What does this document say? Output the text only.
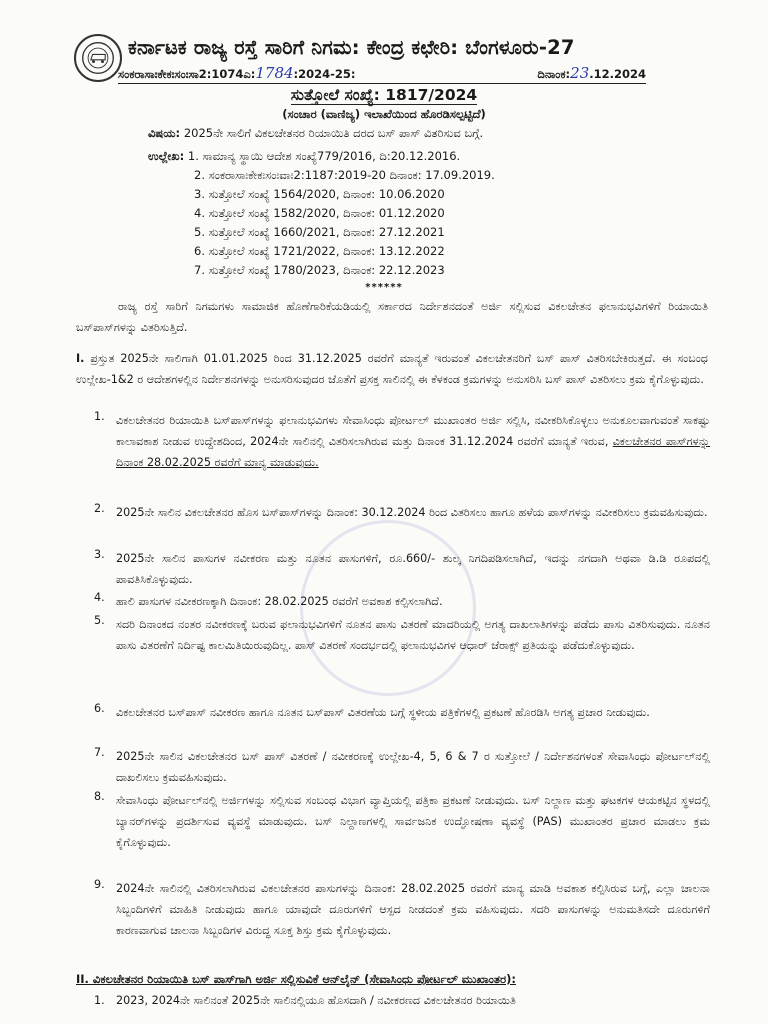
ಕರ್ನಾಟಕ ರಾಜ್ಯ ರಸ್ತೆ ಸಾರಿಗೆ ನಿಗಮ: ಕೇಂದ್ರ ಕಛೇರಿ: ಬೆಂಗಳೂರು-27
ಸಂಕರಾಸಾಃಕೇಕಃಸಂಃಸಾ2:1074ಎ:1784:2024-25:	ದಿನಾಂಕ:23.12.2024
ಸುತ್ತೋಲೆ ಸಂಖ್ಯೆ: 1817/2024
(ಸಂಚಾರ (ವಾಣಿಜ್ಯ) ಇಲಾಖೆಯಿಂದ ಹೊರಡಿಸಲ್ಪಟ್ಟಿದೆ)
ವಿಷಯ: 2025ನೇ ಸಾಲಿಗೆ ವಿಕಲಚೇತನರ ರಿಯಾಯಿತಿ ದರದ ಬಸ್ ಪಾಸ್ ವಿತರಿಸುವ ಬಗ್ಗೆ.
ಉಲ್ಲೇಖ: 1. ಸಾಮಾನ್ಯ ಸ್ಥಾಯಿ ಆದೇಶ ಸಂಖ್ಯೆ779/2016, ದಿ:20.12.2016.
2. ಸಂಕರಾಸಾಃಕೇಕಃಸಂಃವಾಃ2:1187:2019-20 ದಿನಾಂಕ: 17.09.2019.
3. ಸುತ್ತೋಲೆ ಸಂಖ್ಯೆ 1564/2020, ದಿನಾಂಕ: 10.06.2020
4. ಸುತ್ತೋಲೆ ಸಂಖ್ಯೆ 1582/2020, ದಿನಾಂಕ: 01.12.2020
5. ಸುತ್ತೋಲೆ ಸಂಖ್ಯೆ 1660/2021, ದಿನಾಂಕ: 27.12.2021
6. ಸುತ್ತೋಲೆ ಸಂಖ್ಯೆ 1721/2022, ದಿನಾಂಕ: 13.12.2022
7. ಸುತ್ತೋಲೆ ಸಂಖ್ಯೆ 1780/2023, ದಿನಾಂಕ: 22.12.2023
******
ರಾಜ್ಯ ರಸ್ತೆ ಸಾರಿಗೆ ನಿಗಮಗಳು ಸಾಮಾಜಿಕ ಹೊಣೆಗಾರಿಕೆಯಡಿಯಲ್ಲಿ ಸರ್ಕಾರದ ನಿರ್ದೇಶನದಂತೆ ಅರ್ಜಿ ಸಲ್ಲಿಸುವ ವಿಕಲಚೇತನ ಫಲಾನುಭವಿಗಳಿಗೆ ರಿಯಾಯಿತಿ ಬಸ್‌ಪಾಸ್‌ಗಳನ್ನು ವಿತರಿಸುತ್ತಿದೆ.
I. ಪ್ರಸ್ತುತ 2025ನೇ ಸಾಲಿಗಾಗಿ 01.01.2025 ರಿಂದ 31.12.2025 ರವರೆಗೆ ಮಾನ್ಯತೆ ಇರುವಂತೆ ವಿಕಲಚೇತನರಿಗೆ ಬಸ್ ಪಾಸ್ ವಿತರಿಸಬೇಕಿರುತ್ತದೆ. ಈ ಸಂಬಂಧ ಉಲ್ಲೇಖ-1&2 ರ ಆದೇಶಗಳಲ್ಲಿನ ನಿರ್ದೇಶನಗಳನ್ನು ಅನುಸರಿಸುವುದರ ಜೊತೆಗೆ ಪ್ರಸಕ್ತ ಸಾಲಿನಲ್ಲಿ ಈ ಕೆಳಕಂಡ ಕ್ರಮಗಳನ್ನು ಅನುಸರಿಸಿ ಬಸ್ ಪಾಸ್ ವಿತರಿಸಲು ಕ್ರಮ ಕೈಗೊಳ್ಳುವುದು.
1.	ವಿಕಲಚೇತನರ ರಿಯಾಯಿತಿ ಬಸ್‌ಪಾಸ್‌ಗಳನ್ನು ಫಲಾನುಭವಿಗಳು ಸೇವಾಸಿಂಧು ಪೋರ್ಟಲ್ ಮುಖಾಂತರ ಅರ್ಜಿ ಸಲ್ಲಿಸಿ, ನವೀಕರಿಸಿಕೊಳ್ಳಲು ಅನುಕೂಲವಾಗುವಂತೆ ಸಾಕಷ್ಟು ಕಾಲಾವಕಾಶ ನೀಡುವ ಉದ್ದೇಶದಿಂದ, 2024ನೇ ಸಾಲಿನಲ್ಲಿ ವಿತರಿಸಲಾಗಿರುವ ಮತ್ತು ದಿನಾಂಕ 31.12.2024 ರವರೆಗೆ ಮಾನ್ಯತೆ ಇರುವ, ವಿಕಲಚೇತನರ ಪಾಸ್‌ಗಳನ್ನು ದಿನಾಂಕ 28.02.2025 ರವರೆಗೆ ಮಾನ್ಯ ಮಾಡುವುದು.
2.	2025ನೇ ಸಾಲಿನ ವಿಕಲಚೇತನರ ಹೊಸ ಬಸ್‌ಪಾಸ್‌ಗಳನ್ನು ದಿನಾಂಕ: 30.12.2024 ರಿಂದ ವಿತರಿಸಲು ಹಾಗೂ ಹಳೆಯ ಪಾಸ್‌ಗಳನ್ನು ನವೀಕರಿಸಲು ಕ್ರಮವಹಿಸುವುದು.
3.	2025ನೇ ಸಾಲಿನ ಪಾಸುಗಳ ನವೀಕರಣ ಮತ್ತು ನೂತನ ಪಾಸುಗಳಿಗೆ, ರೂ.660/- ಶುಲ್ಕ ನಿಗದಿಪಡಿಸಲಾಗಿದೆ, ಇದನ್ನು ನಗದಾಗಿ ಅಥವಾ ಡಿ.ಡಿ ರೂಪದಲ್ಲಿ ಪಾವತಿಸಿಕೊಳ್ಳುವುದು.
4.	ಹಾಲಿ ಪಾಸುಗಳ ನವೀಕರಣಕ್ಕಾಗಿ ದಿನಾಂಕ: 28.02.2025 ರವರೆಗೆ ಅವಕಾಶ ಕಲ್ಪಿಸಲಾಗಿದೆ.
5.	ಸದರಿ ದಿನಾಂಕದ ನಂತರ ನವೀಕರಣಕ್ಕೆ ಬರುವ ಫಲಾನುಭವಿಗಳಿಗೆ ನೂತನ ಪಾಸು ವಿತರಣೆ ಮಾದರಿಯಲ್ಲಿ ಅಗತ್ಯ ದಾಖಲಾತಿಗಳನ್ನು ಪಡೆದು ಪಾಸು ವಿತರಿಸುವುದು. ನೂತನ ಪಾಸು ವಿತರಣೆಗೆ ನಿರ್ದಿಷ್ಟ ಕಾಲಮಿತಿಯಿರುವುದಿಲ್ಲ. ಪಾಸ್ ವಿತರಣೆ ಸಂದರ್ಭದಲ್ಲಿ ಫಲಾನುಭವಿಗಳ ಆಧಾರ್ ಜೆರಾಕ್ಸ್ ಪ್ರತಿಯನ್ನು ಪಡೆದುಕೊಳ್ಳುವುದು.
6.	ವಿಕಲಚೇತನರ ಬಸ್‌ಪಾಸ್ ನವೀಕರಣ ಹಾಗೂ ನೂತನ ಬಸ್‌ಪಾಸ್ ವಿತರಣೆಯ ಬಗ್ಗೆ ಸ್ಥಳೀಯ ಪತ್ರಿಕೆಗಳಲ್ಲಿ ಪ್ರಕಟಣೆ ಹೊರಡಿಸಿ ಅಗತ್ಯ ಪ್ರಚಾರ ನೀಡುವುದು.
7.	2025ನೇ ಸಾಲಿನ ವಿಕಲಚೇತನರ ಬಸ್ ಪಾಸ್ ವಿತರಣೆ / ನವೀಕರಣಕ್ಕೆ ಉಲ್ಲೇಖ-4, 5, 6 & 7 ರ ಸುತ್ತೋಲೆ / ನಿರ್ದೇಶನಗಳಂತೆ ಸೇವಾಸಿಂಧು ಪೋರ್ಟಲ್‌ನಲ್ಲಿ ದಾಖಲಿಸಲು ಕ್ರಮವಹಿಸುವುದು.
8.	ಸೇವಾಸಿಂಧು ಪೋರ್ಟಲ್‌ನಲ್ಲಿ ಅರ್ಜಿಗಳನ್ನು ಸಲ್ಲಿಸುವ ಸಂಬಂಧ ವಿಭಾಗ ವ್ಯಾಪ್ತಿಯಲ್ಲಿ ಪತ್ರಿಕಾ ಪ್ರಕಟಣೆ ನೀಡುವುದು. ಬಸ್ ನಿಲ್ದಾಣ ಮತ್ತು ಘಟಕಗಳ ಆಯಕಟ್ಟಿನ ಸ್ಥಳದಲ್ಲಿ ಬ್ಯಾನರ್‌ಗಳನ್ನು ಪ್ರದರ್ಶಿಸುವ ವ್ಯವಸ್ಥೆ ಮಾಡುವುದು. ಬಸ್ ನಿಲ್ದಾಣಗಳಲ್ಲಿ ಸಾರ್ವಜನಿಕ ಉದ್ಘೋಷಣಾ ವ್ಯವಸ್ಥೆ (PAS) ಮುಖಾಂತರ ಪ್ರಚಾರ ಮಾಡಲು ಕ್ರಮ ಕೈಗೊಳ್ಳುವುದು.
9.	2024ನೇ ಸಾಲಿನಲ್ಲಿ ವಿತರಿಸಲಾಗಿರುವ ವಿಕಲಚೇತನರ ಪಾಸುಗಳನ್ನು ದಿನಾಂಕ: 28.02.2025 ರವರೆಗೆ ಮಾನ್ಯ ಮಾಡಿ ಅವಕಾಶ ಕಲ್ಪಿಸಿರುವ ಬಗ್ಗೆ, ಎಲ್ಲಾ ಚಾಲನಾ ಸಿಬ್ಬಂದಿಗಳಿಗೆ ಮಾಹಿತಿ ನೀಡುವುದು ಹಾಗೂ ಯಾವುದೇ ದೂರುಗಳಿಗೆ ಆಸ್ಪದ ನೀಡದಂತೆ ಕ್ರಮ ವಹಿಸುವುದು. ಸದರಿ ಪಾಸುಗಳನ್ನು ಅನುಮತಿಸದೇ ದೂರುಗಳಿಗೆ ಕಾರಣವಾಗುವ ಚಾಲನಾ ಸಿಬ್ಬಂದಿಗಳ ವಿರುದ್ಧ ಸೂಕ್ತ ಶಿಸ್ತು ಕ್ರಮ ಕೈಗೊಳ್ಳುವುದು.
II. ವಿಕಲಚೇತನರ ರಿಯಾಯಿತಿ ಬಸ್ ಪಾಸ್‌ಗಾಗಿ ಅರ್ಜಿ ಸಲ್ಲಿಸುವಿಕೆ ಆನ್‌ಲೈನ್ (ಸೇವಾಸಿಂಧು ಪೋರ್ಟಲ್ ಮುಖಾಂತರ):
1.	2023, 2024ನೇ ಸಾಲಿನಂತೆ 2025ನೇ ಸಾಲಿನಲ್ಲಿಯೂ ಹೊಸದಾಗಿ / ನವೀಕರಣದ ವಿಕಲಚೇತನರ ರಿಯಾಯಿತಿ
